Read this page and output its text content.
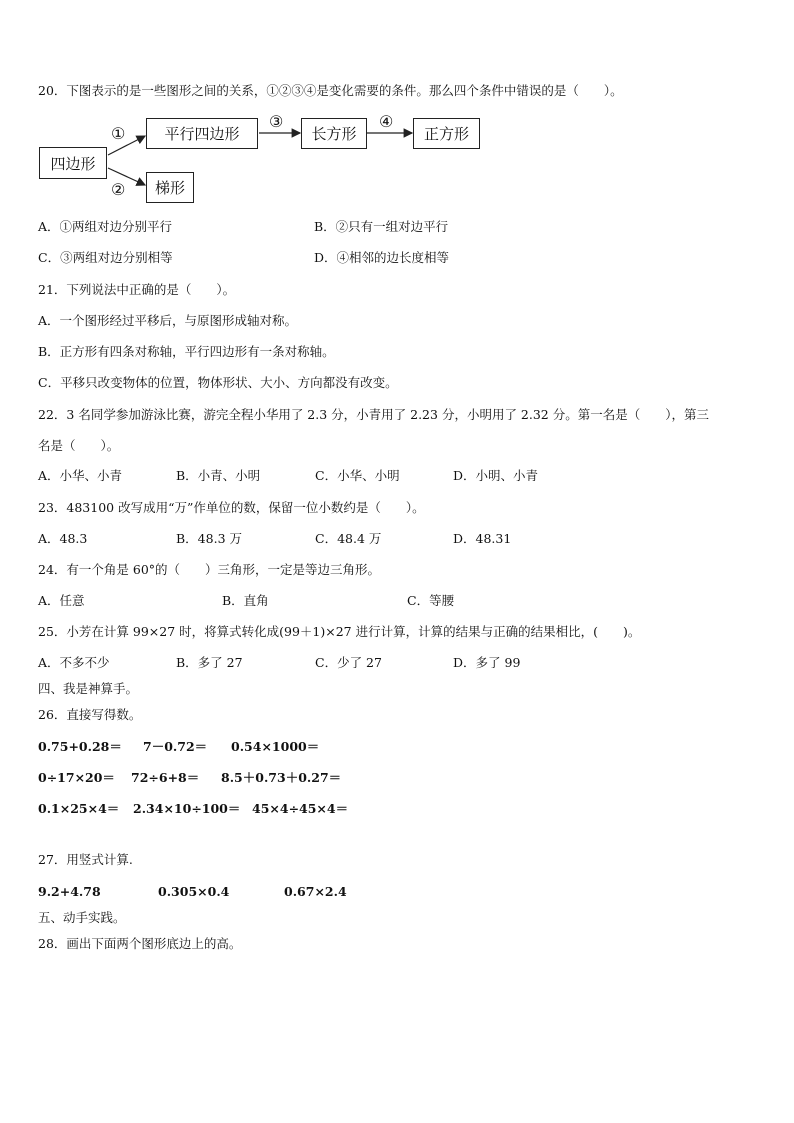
20．下图表示的是一些图形之间的关系，①②③④是变化需要的条件。那么四个条件中错误的是（　　）。
四边形
平行四边形	长方形	正方形
梯形
①
②
③	④
A．①两组对边分别平行	B．②只有一组对边平行
C．③两组对边分别相等	D．④相邻的边长度相等
21．下列说法中正确的是（　　）。
A．一个图形经过平移后，与原图形成轴对称。
B．正方形有四条对称轴，平行四边形有一条对称轴。
C．平移只改变物体的位置，物体形状、大小、方向都没有改变。
22．3 名同学参加游泳比赛，游完全程小华用了 2.3 分，小青用了 2.23 分，小明用了 2.32 分。第一名是（　　），第三
名是（　　）。
A．小华、小青	B．小青、小明	C．小华、小明	D．小明、小青
23．483100 改写成用“万”作单位的数，保留一位小数约是（　　）。
A．48.3	B．48.3 万	C．48.4 万	D．48.31
24．有一个角是 60°的（　　）三角形，一定是等边三角形。
A．任意	B．直角	C．等腰
25．小芳在计算 99×27 时，将算式转化成(99＋1)×27 进行计算，计算的结果与正确的结果相比，(　　)。
A．不多不少	B．多了 27	C．少了 27	D．多了 99
四、我是神算手。
26．直接写得数。
0.75+0.28＝ 7－0.72＝ 0.54×1000＝
0÷17×20＝ 72÷6+8＝ 8.5＋0.73＋0.27＝
0.1×25×4＝ 2.34×10÷100＝ 45×4÷45×4＝
27．用竖式计算.
9.2+4.78	0.305×0.4	0.67×2.4
五、动手实践。
28．画出下面两个图形底边上的高。
